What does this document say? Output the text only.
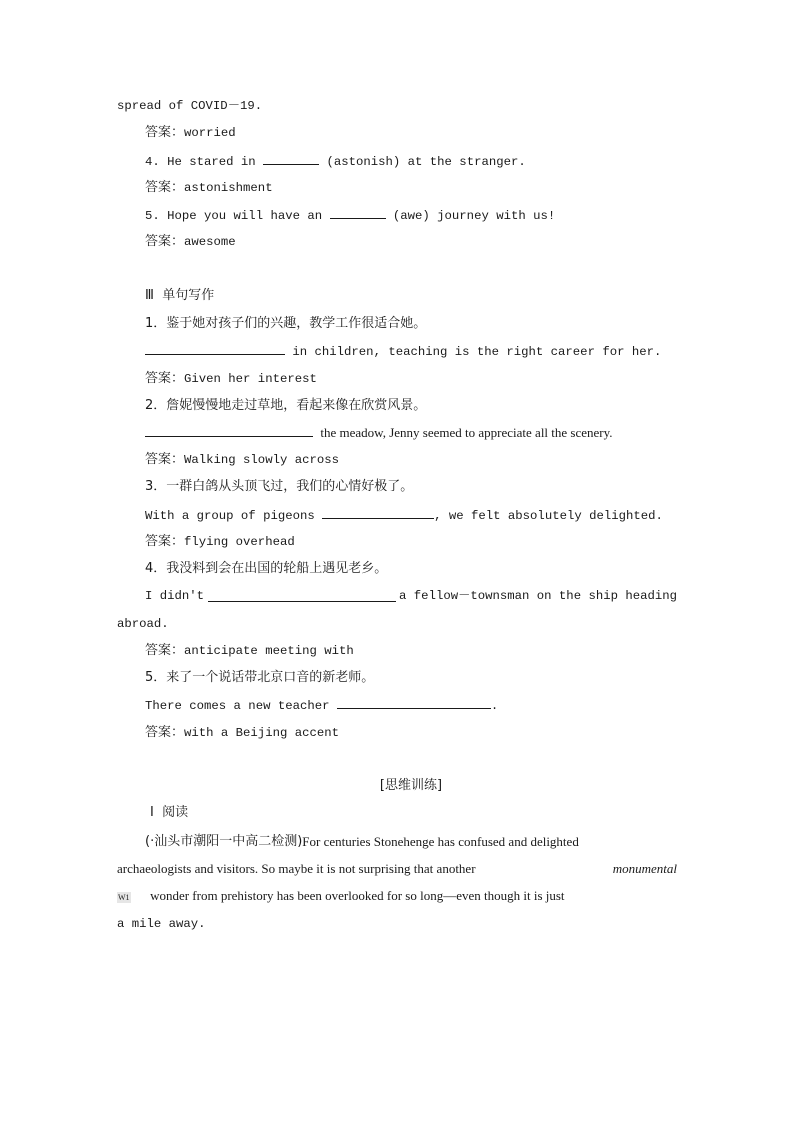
spread of COVID－19.
答案：worried
4. He stared in	(astonish) at the stranger.
答案：astonishment
5. Hope you will have an	(awe) journey with us!
答案：awesome
Ⅲ 单句写作
1．鉴于她对孩子们的兴趣，教学工作很适合她。
in children, teaching is the right career for her.
答案：Given her interest
2．詹妮慢慢地走过草地，看起来像在欣赏风景。
the meadow, Jenny seemed to appreciate all the scenery.
答案：Walking slowly across
3．一群白鸽从头顶飞过，我们的心情好极了。
With a group of pigeons	, we felt absolutely delighted.
答案：flying overhead
4．我没料到会在出国的轮船上遇见老乡。
I didn't	a fellow－townsman on the ship heading
abroad.
答案：anticipate meeting with
5．来了一个说话带北京口音的新老师。
There comes a new teacher	.
答案：with a Beijing accent
[思维训练]
Ⅰ 阅读
(·汕头市潮阳一中高二检测) For centuries Stonehenge has confused and delighted
archaeologists and visitors. So maybe it is not surprising that another	monumental
W1 wonder from prehistory has been overlooked for so long—even though it is just
a mile away.
